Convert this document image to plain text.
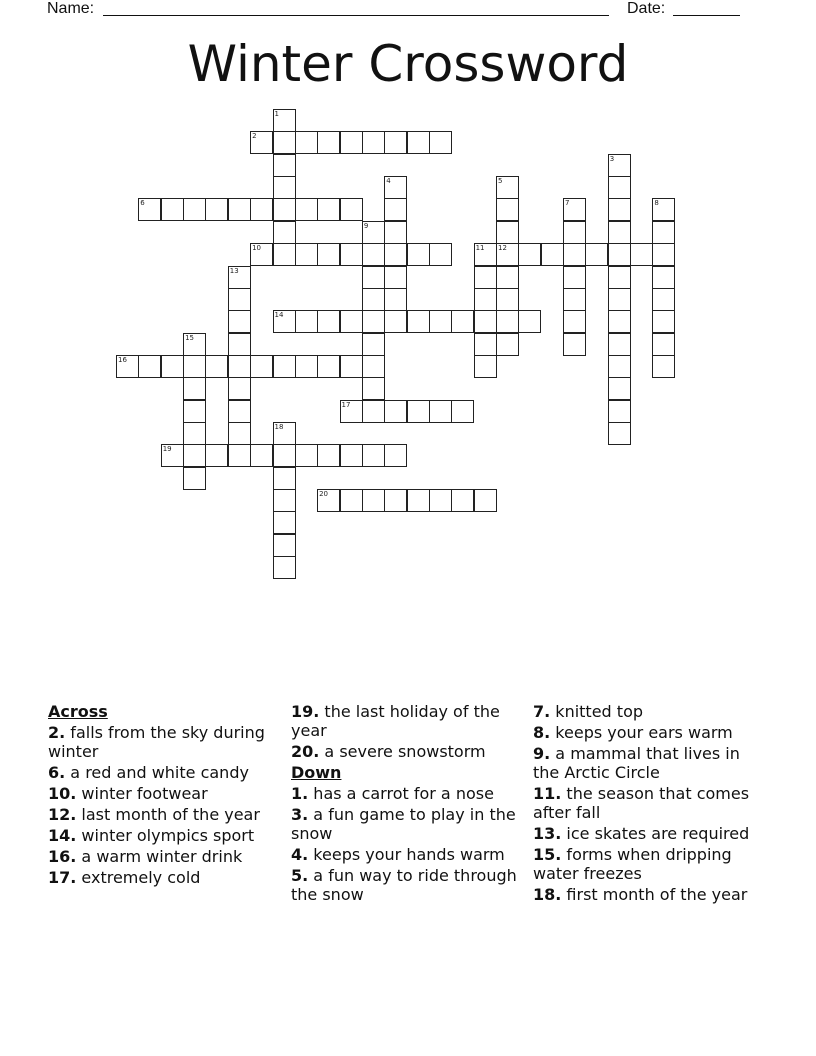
Name:	Date:
Winter Crossword
1
2
3
4	5
6	7	8
9
10	11 12
13
14
15
16
17
18
19
20
Across
2. falls from the sky during winter
6. a red and white candy
10. winter footwear
12. last month of the year
14. winter olympics sport
16. a warm winter drink
17. extremely cold
19. the last holiday of the year
20. a severe snowstorm
Down
1. has a carrot for a nose
3. a fun game to play in the snow
4. keeps your hands warm
5. a fun way to ride through the snow
7. knitted top
8. keeps your ears warm
9. a mammal that lives in the Arctic Circle
11. the season that comes after fall
13. ice skates are required
15. forms when dripping water freezes
18. first month of the year
